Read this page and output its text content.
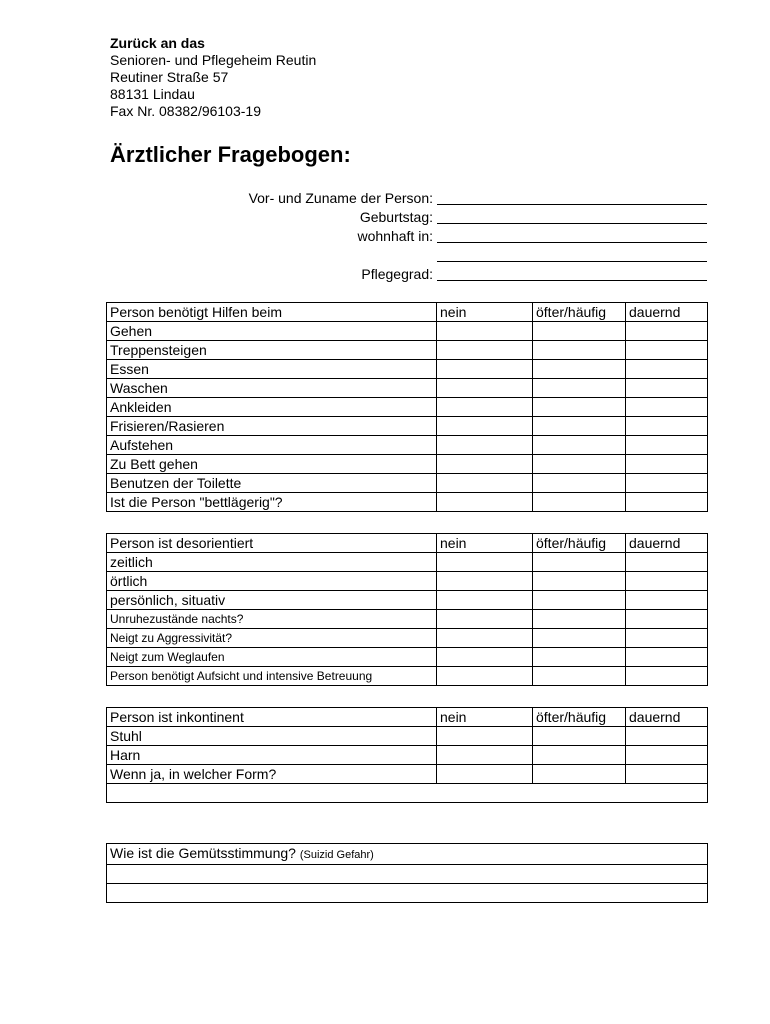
Zurück an das
Senioren- und Pflegeheim Reutin
Reutiner Straße 57
88131 Lindau
Fax Nr. 08382/96103-19
Ärztlicher Fragebogen:
Vor- und Zuname der Person:
Geburtstag:
wohnhaft in:
Pflegegrad:
Person benötigt Hilfen beim	nein	öfter/häufig	dauernd
Gehen			
Treppensteigen			
Essen			
Waschen			
Ankleiden			
Frisieren/Rasieren			
Aufstehen			
Zu Bett gehen			
Benutzen der Toilette			
Ist die Person "bettlägerig"?			
Person ist desorientiert	nein	öfter/häufig	dauernd
zeitlich			
örtlich			
persönlich, situativ			
Unruhezustände nachts?			
Neigt zu Aggressivität?			
Neigt zum Weglaufen			
Person benötigt Aufsicht und intensive Betreuung			
Person ist inkontinent	nein	öfter/häufig	dauernd
Stuhl			
Harn			
Wenn ja, in welcher Form?			

Wie ist die Gemütsstimmung? (Suizid Gefahr)
